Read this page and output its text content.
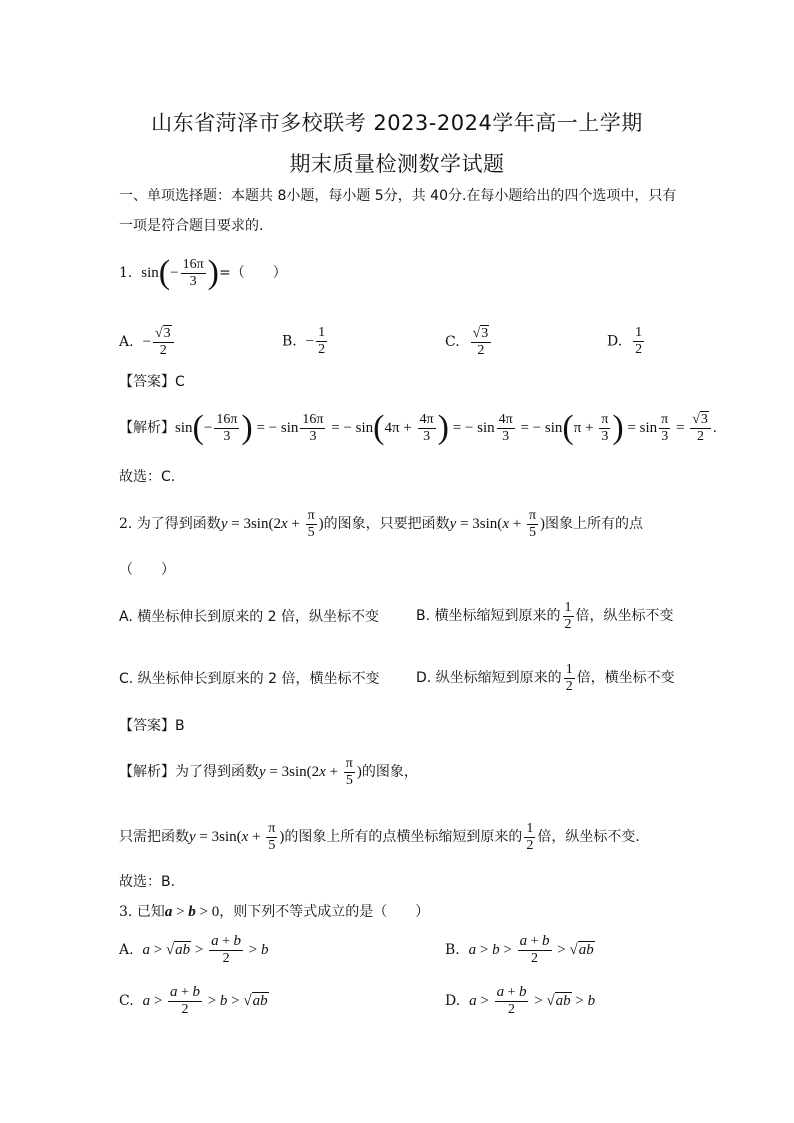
山东省菏泽市多校联考 2023-2024学年高一上学期
期末质量检测数学试题
一、单项选择题：本题共 8小题，每小题 5分，共 40分.在每小题给出的四个选项中，只有
一项是符合题目要求的.
1. $\sin(- \frac{16\pi}{3}$ )=（　　）
A. − $\frac{√3}{2}$	B. − $\frac{1}{2}$	C. $\frac{√3}{2}$	D. $\frac{1}{2}$
【答案】C
【解析】$\sin(- \frac{16\pi}{3}$ ) = − $\sin \frac{16\pi}{3}$ = − $\sin(4\pi + \frac{4\pi}{3}$ ) = − $\sin \frac{4\pi}{3}$ = − $\sin(\pi + \frac{\pi}{3}$ ) = $\sin \frac{\pi}{3} = \frac{√3}{2}$ .
故选：C.
2. 为了得到函数$y = 3\sin(2x + \frac{\pi}{5}$ )的图象，只要把函数$y = 3\sin(x + \frac{\pi}{5}$ )图象上所有的点
（　　）
A. 横坐标伸长到原来的 2 倍，纵坐标不变	B. 横坐标缩短到原来的 $\frac{1}{2}$ 倍，纵坐标不变
C. 纵坐标伸长到原来的 2 倍，横坐标不变	D. 纵坐标缩短到原来的 $\frac{1}{2}$ 倍，横坐标不变
【答案】B
【解析】为了得到函数$y = 3\sin(2x + \frac{\pi}{5}$ )的图象，
只需把函数$y = 3\sin(x + \frac{\pi}{5}$ )的图象上所有的点横坐标缩短到原来的 $\frac{1}{2}$ 倍，纵坐标不变.
故选：B.
3. 已知a > b > 0，则下列不等式成立的是（　　）
A. $a > √ab > \frac{a + b}{2} > b$	B. $a > b > \frac{a + b}{2} > √ab$
C. $a > \frac{a + b}{2} > b > √ab$	D. $a > \frac{a + b}{2} > √ab > b$
